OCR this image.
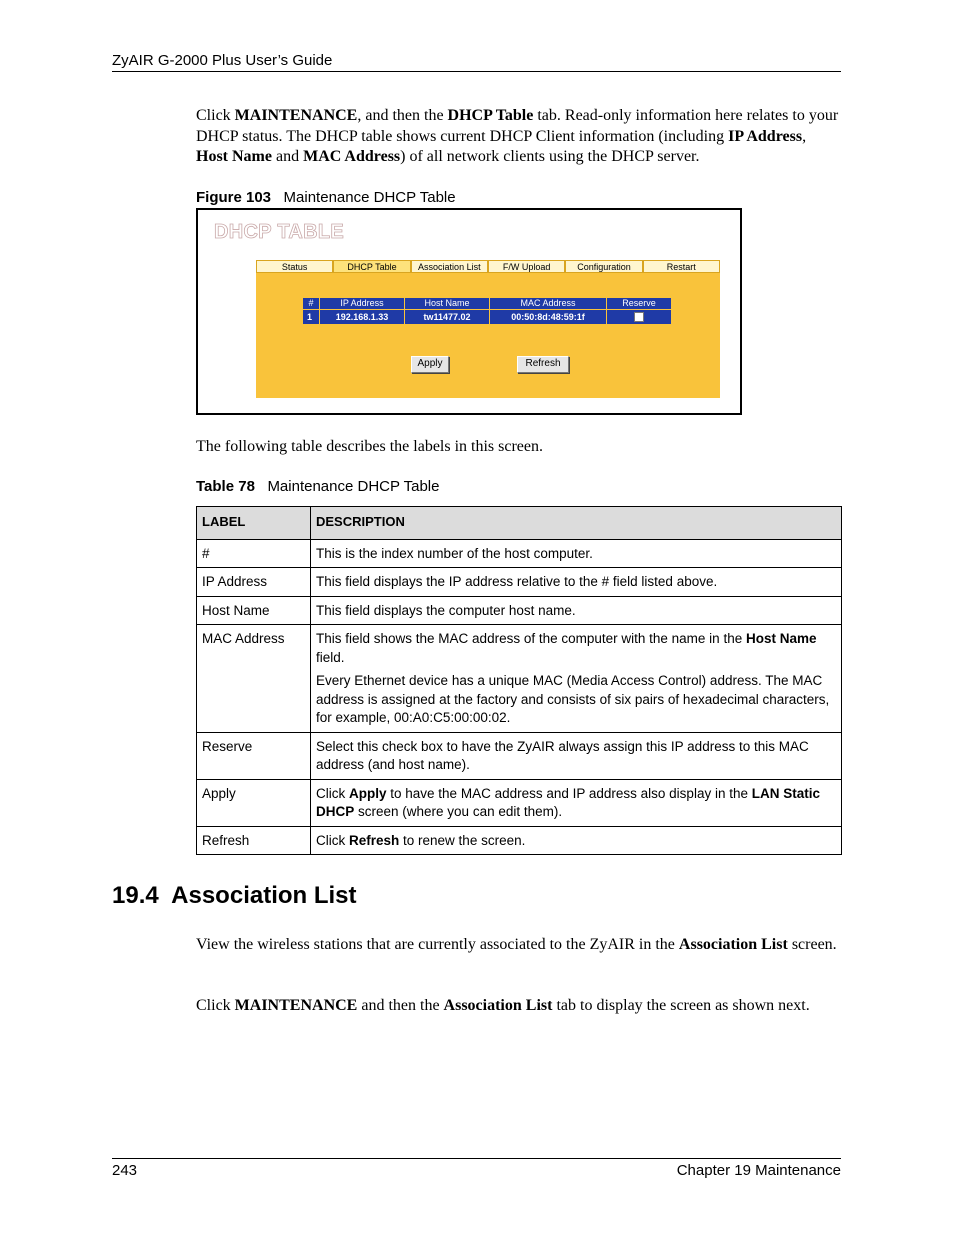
ZyAIR G-2000 Plus User’s Guide
Click MAINTENANCE, and then the DHCP Table tab. Read-only information here relates to your DHCP status. The DHCP table shows current DHCP Client information (including IP Address, Host Name and MAC Address) of all network clients using the DHCP server.
Figure 103 Maintenance DHCP Table
DHCP TABLE
Status	DHCP Table	Association List	F/W Upload	Configuration	Restart
#	IP Address	Host Name	MAC Address	Reserve
1	192.168.1.33	tw11477.02	00:50:8d:48:59:1f	
Apply	Refresh
The following table describes the labels in this screen.
Table 78 Maintenance DHCP Table
LABEL	DESCRIPTION
#	This is the index number of the host computer.
IP Address	This field displays the IP address relative to the # field listed above.
Host Name	This field displays the computer host name.
MAC Address	This field shows the MAC address of the computer with the name in the Host Name field.

Every Ethernet device has a unique MAC (Media Access Control) address. The MAC address is assigned at the factory and consists of six pairs of hexadecimal characters, for example, 00:A0:C5:00:00:02.

Reserve	Select this check box to have the ZyAIR always assign this IP address to this MAC address (and host name).
Apply	Click Apply to have the MAC address and IP address also display in the LAN Static DHCP screen (where you can edit them).
Refresh	Click Refresh to renew the screen.
19.4  Association List
View the wireless stations that are currently associated to the ZyAIR in the Association List screen.
Click MAINTENANCE and then the Association List tab to display the screen as shown next.
243	Chapter 19 Maintenance
